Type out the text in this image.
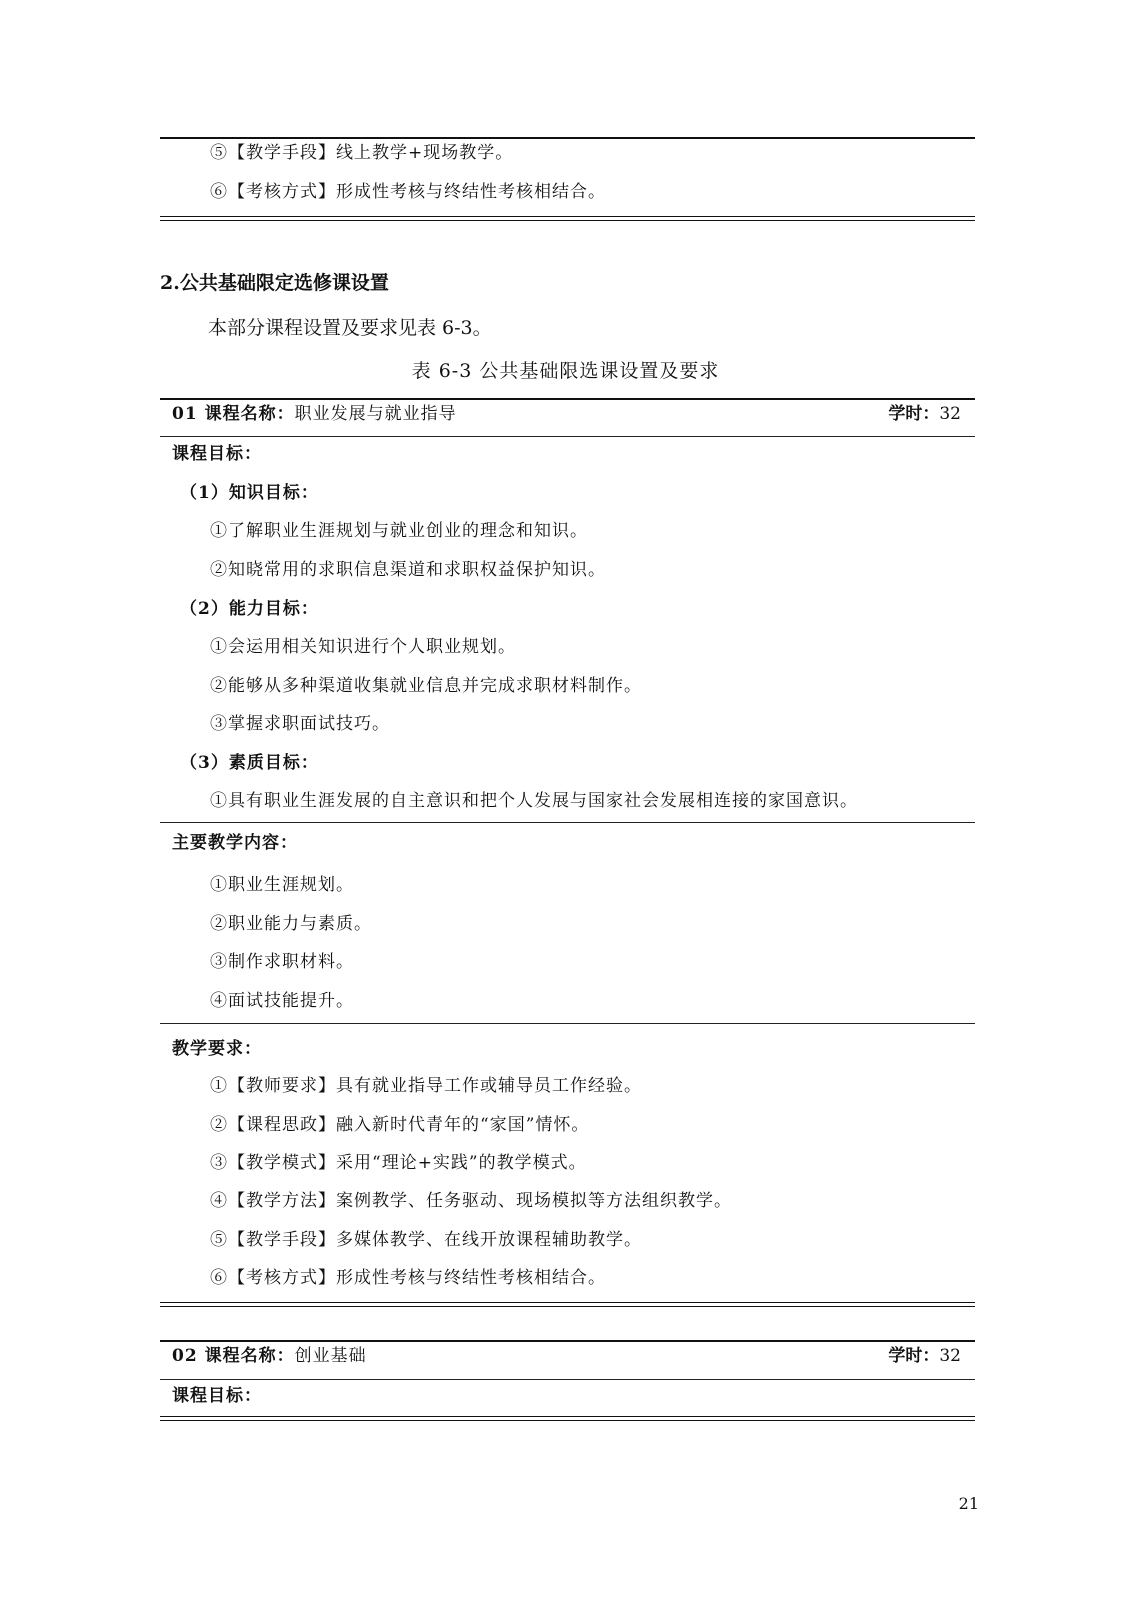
⑤【教学手段】线上教学+现场教学。
⑥【考核方式】形成性考核与终结性考核相结合。
2.公共基础限定选修课设置
本部分课程设置及要求见表 6-3。
表 6-3 公共基础限选课设置及要求
01 课程名称：职业发展与就业指导	学时：32
课程目标：
（1）知识目标：
①了解职业生涯规划与就业创业的理念和知识。
②知晓常用的求职信息渠道和求职权益保护知识。
（2）能力目标：
①会运用相关知识进行个人职业规划。
②能够从多种渠道收集就业信息并完成求职材料制作。
③掌握求职面试技巧。
（3）素质目标：
①具有职业生涯发展的自主意识和把个人发展与国家社会发展相连接的家国意识。
主要教学内容：
①职业生涯规划。
②职业能力与素质。
③制作求职材料。
④面试技能提升。
教学要求：
①【教师要求】具有就业指导工作或辅导员工作经验。
②【课程思政】融入新时代青年的“家国”情怀。
③【教学模式】采用“理论+实践”的教学模式。
④【教学方法】案例教学、任务驱动、现场模拟等方法组织教学。
⑤【教学手段】多媒体教学、在线开放课程辅助教学。
⑥【考核方式】形成性考核与终结性考核相结合。
02 课程名称：创业基础	学时：32
课程目标：
21
